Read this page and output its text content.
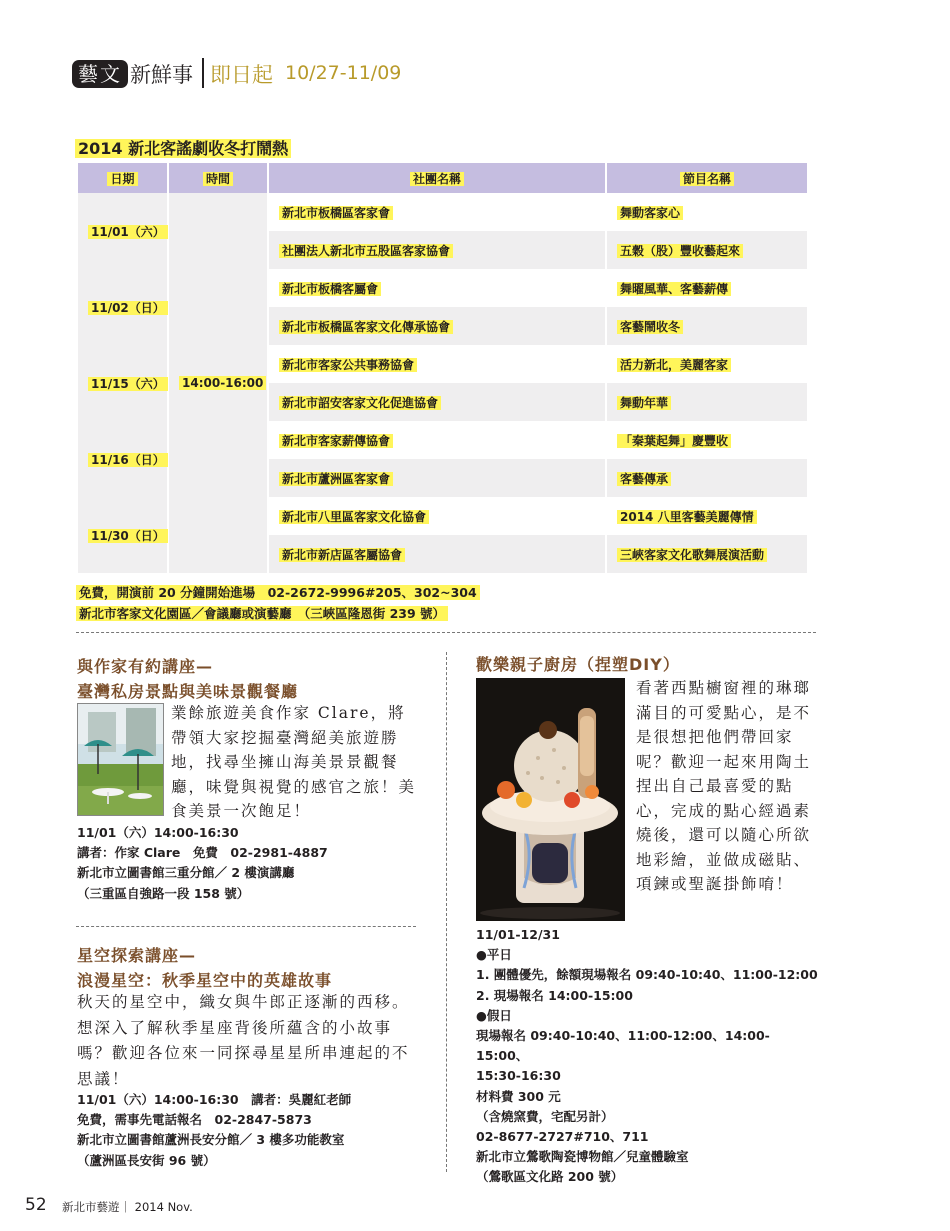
藝文 新鮮事 即日起 10/27-11/09
2014 新北客謠劇收冬打鬧熱
日期	時間	社團名稱	節目名稱
11/01（六）	14:00-16:00	新北市板橋區客家會	舞動客家心
		社團法人新北市五股區客家協會	五穀（股）豐收藝起來
11/02（日）		新北市板橋客屬會	舞曜風華、客藝薪傳
		新北市板橋區客家文化傳承協會	客藝鬧收冬
11/15（六）		新北市客家公共事務協會	活力新北，美麗客家
		新北市詔安客家文化促進協會	舞動年華
11/16（日）		新北市客家薪傳協會	「秦葉起舞」慶豐收
		新北市蘆洲區客家會	客藝傳承
11/30（日）		新北市八里區客家文化協會	2014 八里客藝美麗傳情
		新北市新店區客屬協會	三峽客家文化歌舞展演活動
免費，開演前 20 分鐘開始進場　02-2672-9996#205、302~304
新北市客家文化園區／會議廳或演藝廳　（三峽區隆恩街 239 號）
與作家有約講座—
臺灣私房景點與美味景觀餐廳
業餘旅遊美食作家 Clare，將帶領大家挖掘臺灣絕美旅遊勝地，找尋坐擁山海美景景觀餐廳，味覺與視覺的感官之旅！美食美景一次飽足！
11/01（六）14:00-16:30
講者：作家 Clare　免費　02-2981-4887
新北市立圖書館三重分館／ 2 樓演講廳
（三重區自強路一段 158 號）
星空探索講座—
浪漫星空：秋季星空中的英雄故事
秋天的星空中，織女與牛郎正逐漸的西移。想深入了解秋季星座背後所蘊含的小故事嗎？歡迎各位來一同探尋星星所串連起的不思議！
11/01（六）14:00-16:30　講者：吳麗紅老師
免費，需事先電話報名　02-2847-5873
新北市立圖書館蘆洲長安分館／ 3 樓多功能教室
（蘆洲區長安街 96 號）
歡樂親子廚房（捏塑DIY）
看著西點櫥窗裡的琳瑯滿目的可愛點心，是不是很想把他們帶回家呢？歡迎一起來用陶土捏出自己最喜愛的點心，完成的點心經過素燒後，還可以隨心所欲地彩繪，並做成磁貼、項鍊或聖誕掛飾唷！
11/01-12/31
●平日
1. 團體優先，餘額現場報名 09:40-10:40、11:00-12:00
2. 現場報名 14:00-15:00
●假日
現場報名 09:40-10:40、11:00-12:00、14:00-15:00、
15:30-16:30
材料費 300 元
（含燒窯費，宅配另計）
02-8677-2727#710、711
新北市立鶯歌陶瓷博物館／兒童體驗室
（鶯歌區文化路 200 號）
52 新北市藝遊｜ 2014 Nov.
